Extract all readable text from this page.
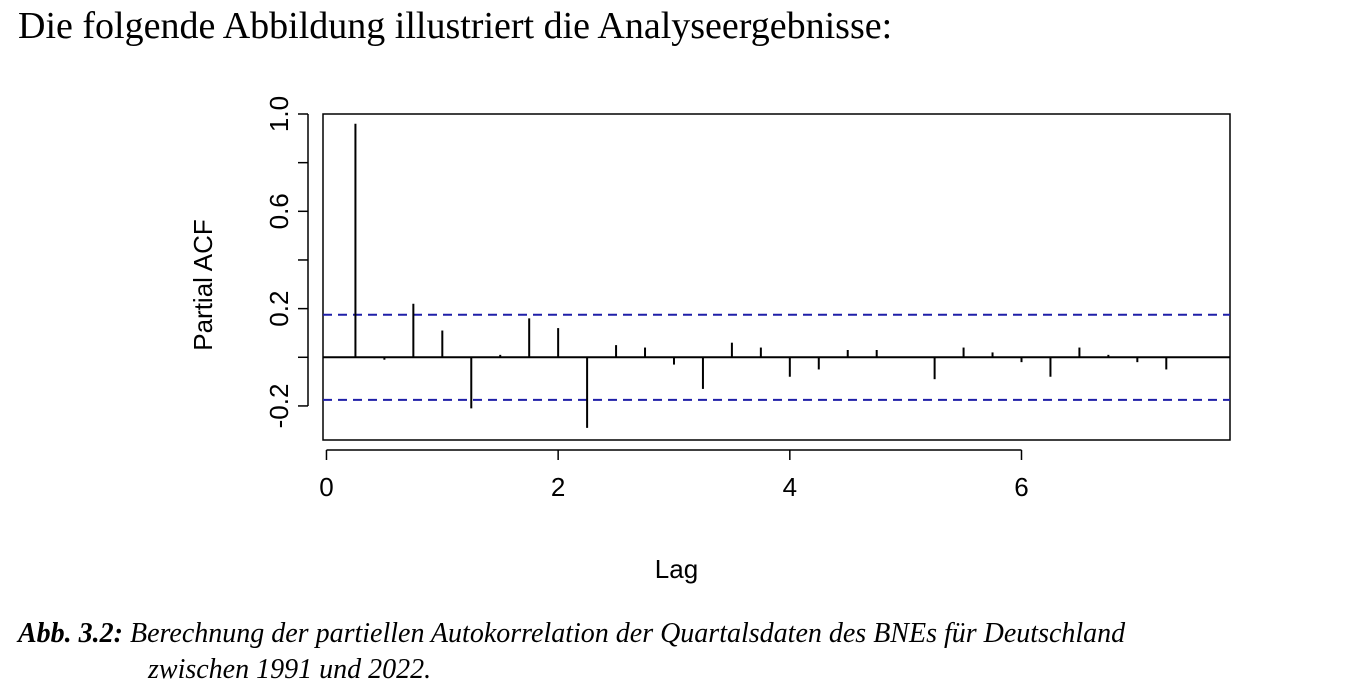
Die folgende Abbildung illustriert die Analyseergebnisse:
-0.2
0.2
0.6
1.0
0	2	4	6
Partial ACF
Lag
Abb. 3.2: Berechnung der partiellen Autokorrelation der Quartalsdaten des BNEs für Deutschland
zwischen 1991 und 2022.
